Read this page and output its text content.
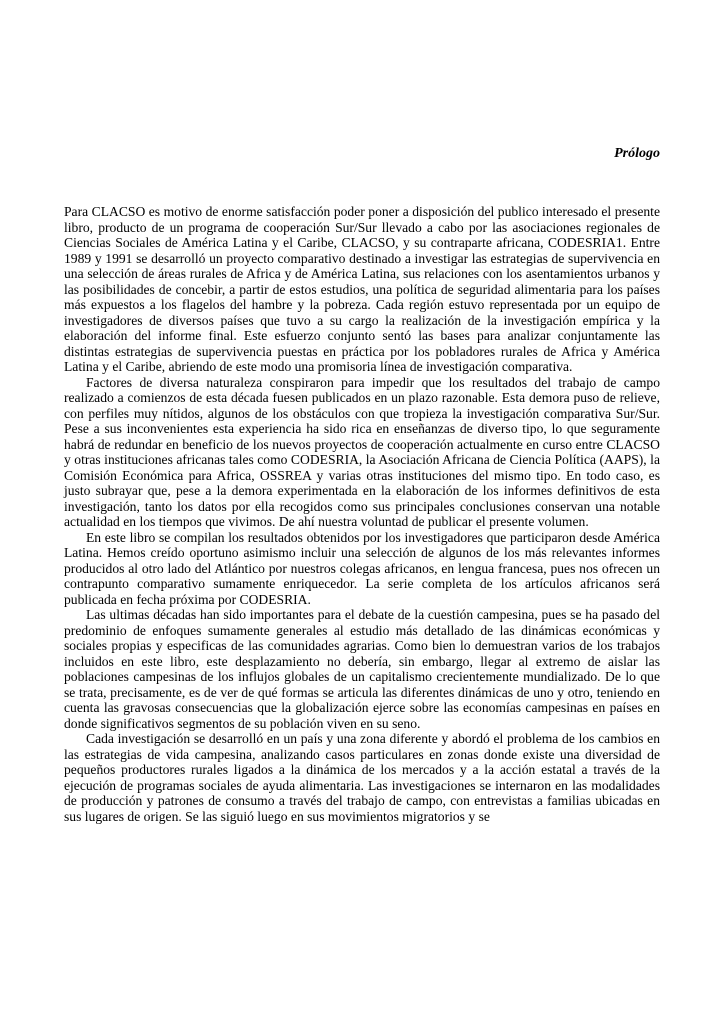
Prólogo

Para CLACSO es motivo de enorme satisfacción poder poner a disposición del publico interesado el presente libro, producto de un programa de cooperación Sur/Sur llevado a cabo por las asociaciones regionales de Ciencias Sociales de América Latina y el Caribe, CLACSO, y su contraparte africana, CODESRIA1. Entre 1989 y 1991 se desarrolló un proyecto comparativo destinado a investigar las estrategias de supervivencia en una selección de áreas rurales de Africa y de América Latina, sus relaciones con los asentamientos urbanos y las posibilidades de concebir, a partir de estos estudios, una política de seguridad alimentaria para los países más expuestos a los flagelos del hambre y la pobreza. Cada región estuvo representada por un equipo de investigadores de diversos países que tuvo a su cargo la realización de la investigación empírica y la elaboración del informe final. Este esfuerzo conjunto sentó las bases para analizar conjuntamente las distintas estrategias de supervivencia puestas en práctica por los pobladores rurales de Africa y América Latina y el Caribe, abriendo de este modo una promisoria línea de investigación comparativa.

Factores de diversa naturaleza conspiraron para impedir que los resultados del trabajo de campo realizado a comienzos de esta década fuesen publicados en un plazo razonable. Esta demora puso de relieve, con perfiles muy nítidos, algunos de los obstáculos con que tropieza la investigación comparativa Sur/Sur. Pese a sus inconvenientes esta experiencia ha sido rica en enseñanzas de diverso tipo, lo que seguramente habrá de redundar en beneficio de los nuevos proyectos de cooperación actualmente en curso entre CLACSO y otras instituciones africanas tales como CODESRIA, la Asociación Africana de Ciencia Política (AAPS), la Comisión Económica para Africa, OSSREA y varias otras instituciones del mismo tipo. En todo caso, es justo subrayar que, pese a la demora experimentada en la elaboración de los informes definitivos de esta investigación, tanto los datos por ella recogidos como sus principales conclusiones conservan una notable actualidad en los tiempos que vivimos. De ahí nuestra voluntad de publicar el presente volumen.

En este libro se compilan los resultados obtenidos por los investigadores que participaron desde América Latina. Hemos creído oportuno asimismo incluir una selección de algunos de los más relevantes informes producidos al otro lado del Atlántico por nuestros colegas africanos, en lengua francesa, pues nos ofrecen un contrapunto comparativo sumamente enriquecedor. La serie completa de los artículos africanos será publicada en fecha próxima por CODESRIA.

Las ultimas décadas han sido importantes para el debate de la cuestión campesina, pues se ha pasado del predominio de enfoques sumamente generales al estudio más detallado de las dinámicas económicas y sociales propias y especificas de las comunidades agrarias. Como bien lo demuestran varios de los trabajos incluidos en este libro, este desplazamiento no debería, sin embargo, llegar al extremo de aislar las poblaciones campesinas de los influjos globales de un capitalismo crecientemente mundializado. De lo que se trata, precisamente, es de ver de qué formas se articula las diferentes dinámicas de uno y otro, teniendo en cuenta las gravosas consecuencias que la globalización ejerce sobre las economías campesinas en países en donde significativos segmentos de su población viven en su seno.

Cada investigación se desarrolló en un país y una zona diferente y abordó el problema de los cambios en las estrategias de vida campesina, analizando casos particulares en zonas donde existe una diversidad de pequeños productores rurales ligados a la dinámica de los mercados y a la acción estatal a través de la ejecución de programas sociales de ayuda alimentaria. Las investigaciones se internaron en las modalidades de producción y patrones de consumo a través del trabajo de campo, con entrevistas a familias ubicadas en sus lugares de origen. Se las siguió luego en sus movimientos migratorios y se
